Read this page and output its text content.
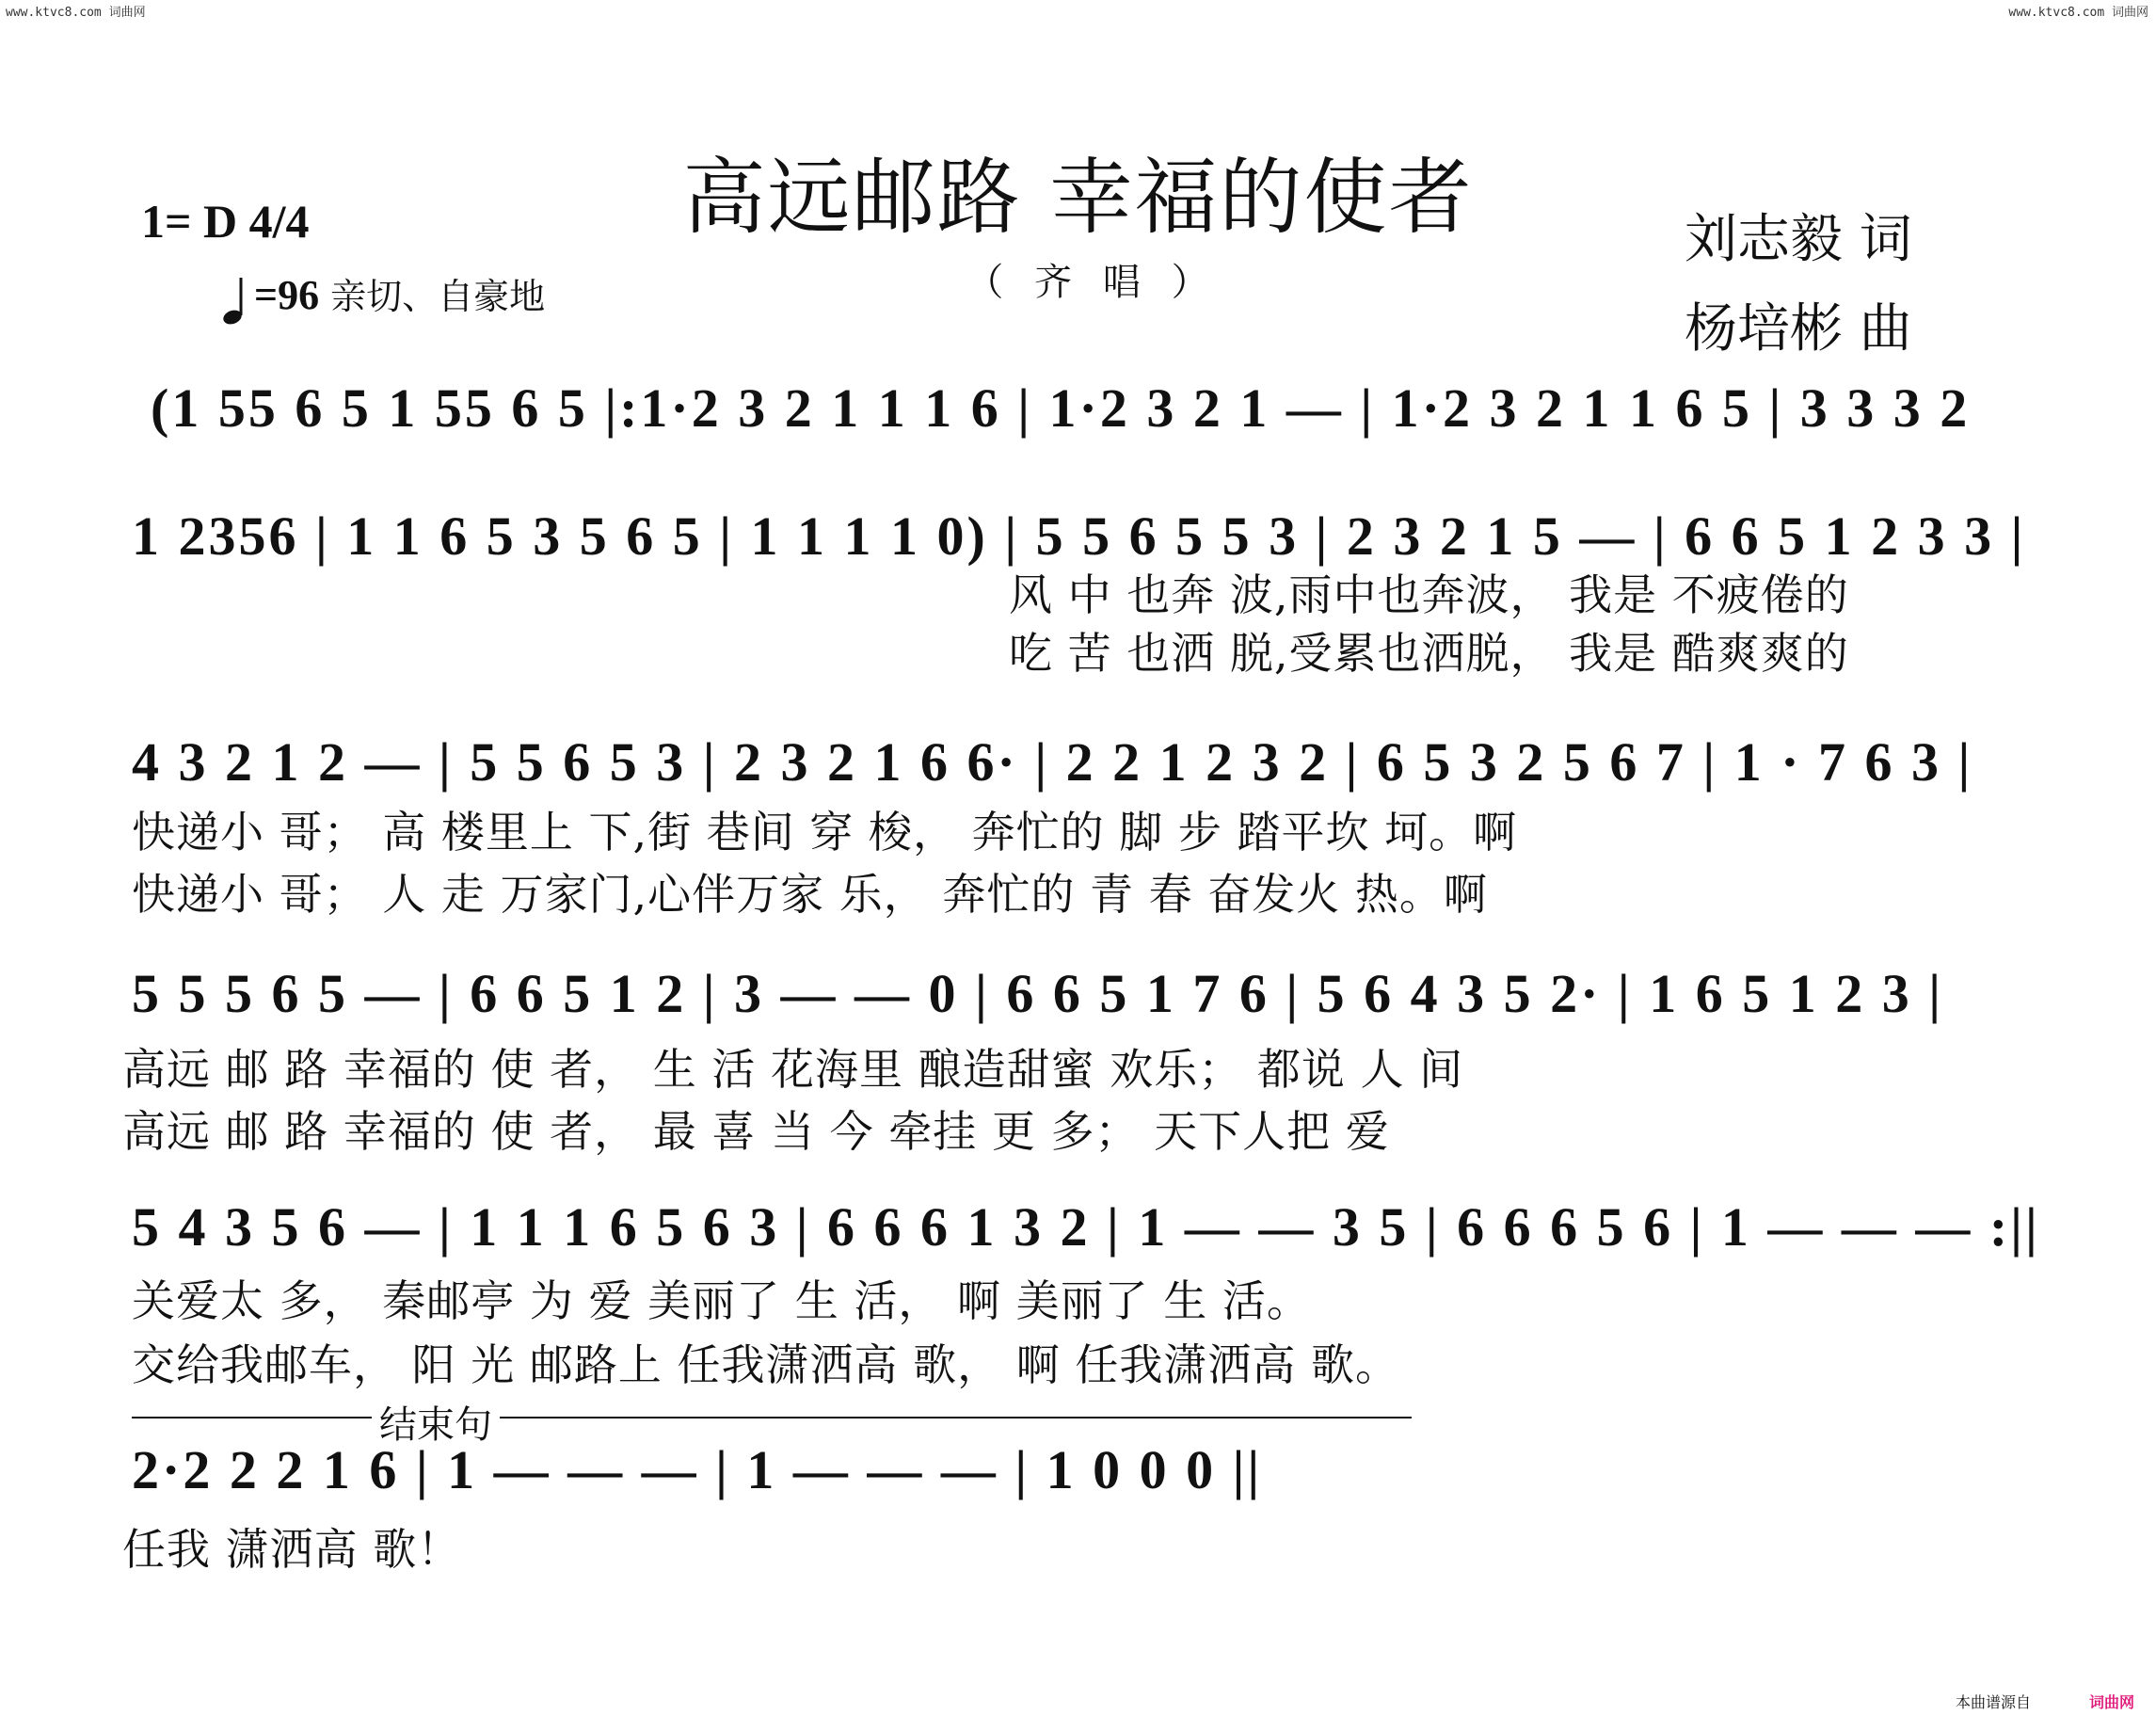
www.ktvc8.com 词曲网	www.ktvc8.com 词曲网
高远邮路 幸福的使者
1= D 4/4
=96 亲切、自豪地	（ 齐 唱 ）
刘志毅 词
杨培彬 曲
(1 55 6 5 1 55 6 5 |:1·2 3 2 1 1 1 6 | 1·2 3 2 1 — | 1·2 3 2 1 1 6 5 | 3 3 3 2
1 2356 | 1 1 6 5 3 5 6 5 | 1 1 1 1 0) | 5 5 6 5 5 3 | 2 3 2 1 5 — | 6 6 5 1 2 3 3 |
风 中 也奔 波,雨中也奔波， 我是 不疲倦的
吃 苦 也洒 脱,受累也洒脱， 我是 酷爽爽的
4 3 2 1 2 — | 5 5 6 5 3 | 2 3 2 1 6 6· | 2 2 1 2 3 2 | 6 5 3 2 5 6 7 | 1 · 7 6 3 |
快递小 哥； 高 楼里上 下,街 巷间 穿 梭， 奔忙的 脚 步 踏平坎 坷。啊
快递小 哥； 人 走 万家门,心伴万家 乐， 奔忙的 青 春 奋发火 热。啊
5 5 5 6 5 — | 6 6 5 1 2 | 3 — — 0 | 6 6 5 1 7 6 | 5 6 4 3 5 2· | 1 6 5 1 2 3 |
高远 邮 路 幸福的 使 者， 生 活 花海里 酿造甜蜜 欢乐； 都说 人 间
高远 邮 路 幸福的 使 者， 最 喜 当 今 牵挂 更 多； 天下人把 爱
5 4 3 5 6 — | 1 1 1 6 5 6 3 | 6 6 6 1 3 2 | 1 — — 3 5 | 6 6 6 5 6 | 1 — — — :||
关爱太 多， 秦邮亭 为 爱 美丽了 生 活， 啊 美丽了 生 活。
交给我邮车， 阳 光 邮路上 任我潇洒高 歌， 啊 任我潇洒高 歌。
结束句
2·2 2 2 1 6 | 1 — — — | 1 — — — | 1 0 0 0 ||
任我 潇洒高 歌！
本曲谱源自	词曲网
